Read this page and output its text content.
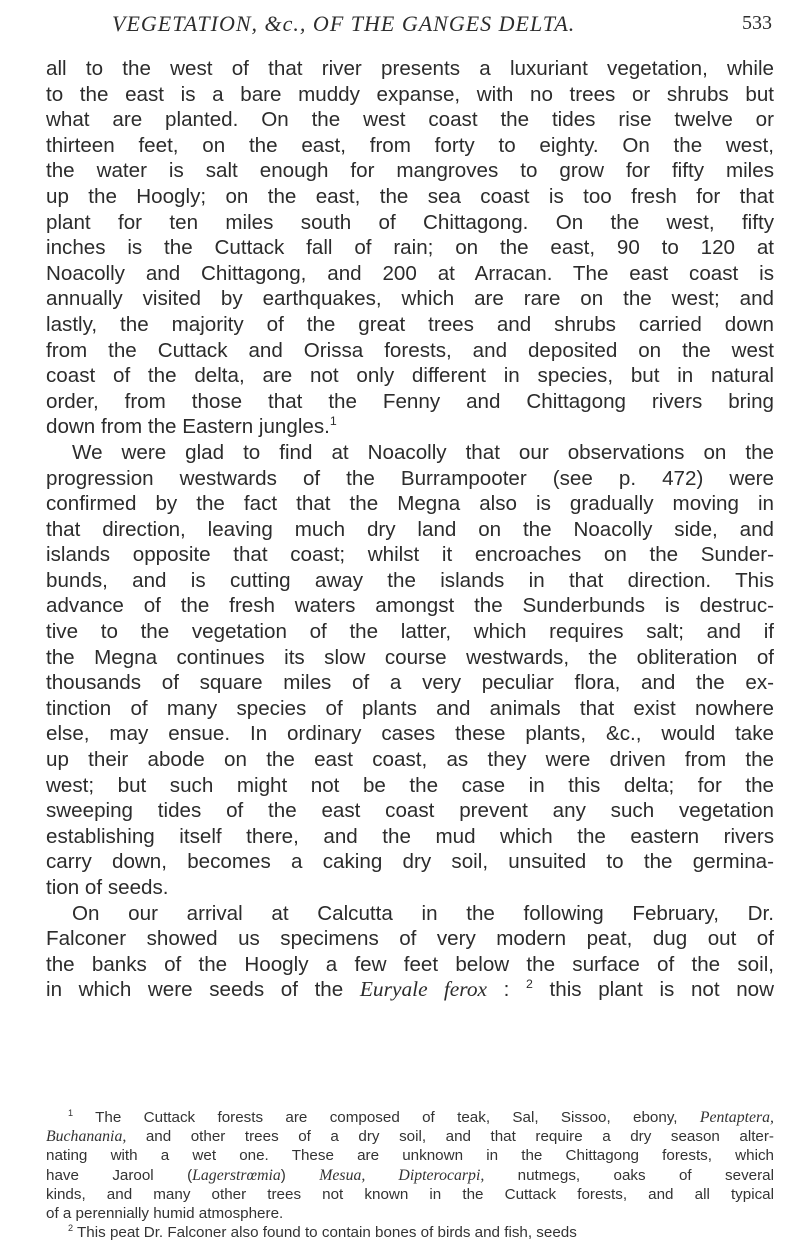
VEGETATION, &c., OF THE GANGES DELTA.	533
all to the west of that river presents a luxuriant vegetation, while
to the east is a bare muddy expanse, with no trees or shrubs but
what are planted. On the west coast the tides rise twelve or
thirteen feet, on the east, from forty to eighty. On the west,
the water is salt enough for mangroves to grow for fifty miles
up the Hoogly; on the east, the sea coast is too fresh for that
plant for ten miles south of Chittagong. On the west, fifty
inches is the Cuttack fall of rain; on the east, 90 to 120 at
Noacolly and Chittagong, and 200 at Arracan. The east coast is
annually visited by earthquakes, which are rare on the west; and
lastly, the majority of the great trees and shrubs carried down
from the Cuttack and Orissa forests, and deposited on the west
coast of the delta, are not only different in species, but in natural
order, from those that the Fenny and Chittagong rivers bring
down from the Eastern jungles.$^1$
We were glad to find at Noacolly that our observations on the
progression westwards of the Burrampooter (see p. 472) were
confirmed by the fact that the Megna also is gradually moving in
that direction, leaving much dry land on the Noacolly side, and
islands opposite that coast; whilst it encroaches on the Sunder-
bunds, and is cutting away the islands in that direction. This
advance of the fresh waters amongst the Sunderbunds is destruc-
tive to the vegetation of the latter, which requires salt; and if
the Megna continues its slow course westwards, the obliteration of
thousands of square miles of a very peculiar flora, and the ex-
tinction of many species of plants and animals that exist nowhere
else, may ensue. In ordinary cases these plants, &c., would take
up their abode on the east coast, as they were driven from the
west; but such might not be the case in this delta; for the
sweeping tides of the east coast prevent any such vegetation
establishing itself there, and the mud which the eastern rivers
carry down, becomes a caking dry soil, unsuited to the germina-
tion of seeds.
On our arrival at Calcutta in the following February, Dr.
Falconer showed us specimens of very modern peat, dug out of
the banks of the Hoogly a few feet below the surface of the soil,
in which were seeds of the Euryale ferox : $^2$ this plant is not now
$^1$ The Cuttack forests are composed of teak, Sal, Sissoo, ebony, Pentaptera,
Buchanania, and other trees of a dry soil, and that require a dry season alter-
nating with a wet one. These are unknown in the Chittagong forests, which
have Jarool (Lagerstrœmia) Mesua, Dipterocarpi, nutmegs, oaks of several
kinds, and many other trees not known in the Cuttack forests, and all typical
of a perennially humid atmosphere.
$^2$ This peat Dr. Falconer also found to contain bones of birds and fish, seeds
